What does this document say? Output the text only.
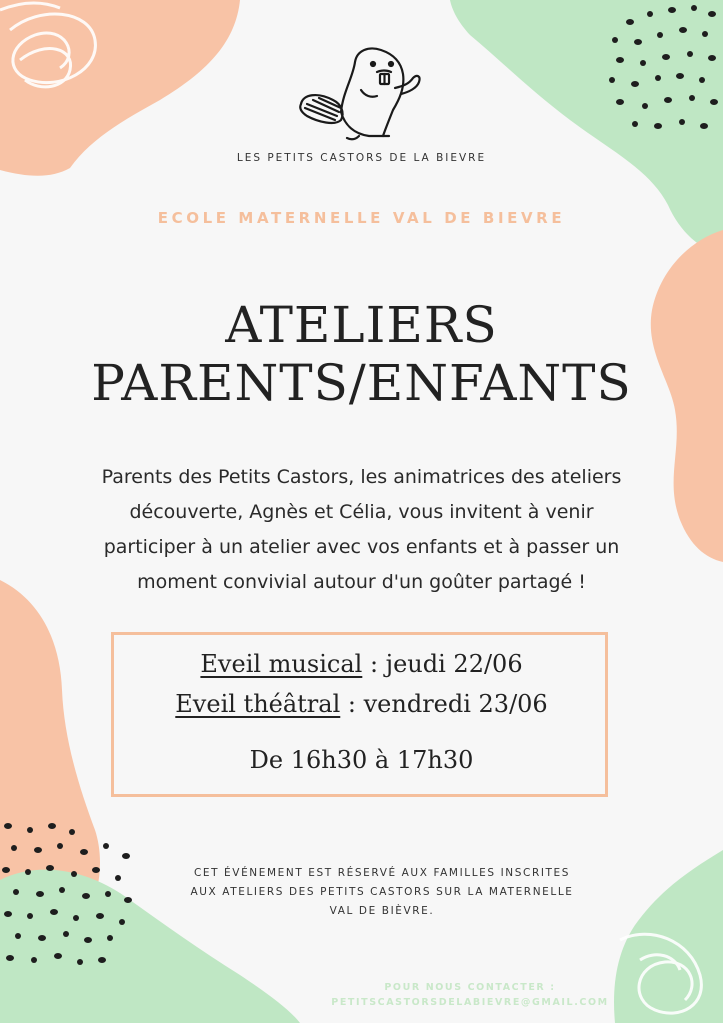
LES PETITS CASTORS DE LA BIEVRE
ECOLE MATERNELLE VAL DE BIEVRE
ATELIERS
PARENTS/ENFANTS
Parents des Petits Castors, les animatrices des ateliers
découverte, Agnès et Célia, vous invitent à venir
participer à un atelier avec vos enfants et à passer un
moment convivial autour d'un goûter partagé !
Eveil musical : jeudi 22/06
Eveil théâtral : vendredi 23/06
De 16h30 à 17h30
CET ÉVÉNEMENT EST RÉSERVÉ AUX FAMILLES INSCRITES
AUX ATELIERS DES PETITS CASTORS SUR LA MATERNELLE
VAL DE BIÈVRE.
POUR NOUS CONTACTER :
PETITSCASTORSDELABIEVRE@GMAIL.COM
